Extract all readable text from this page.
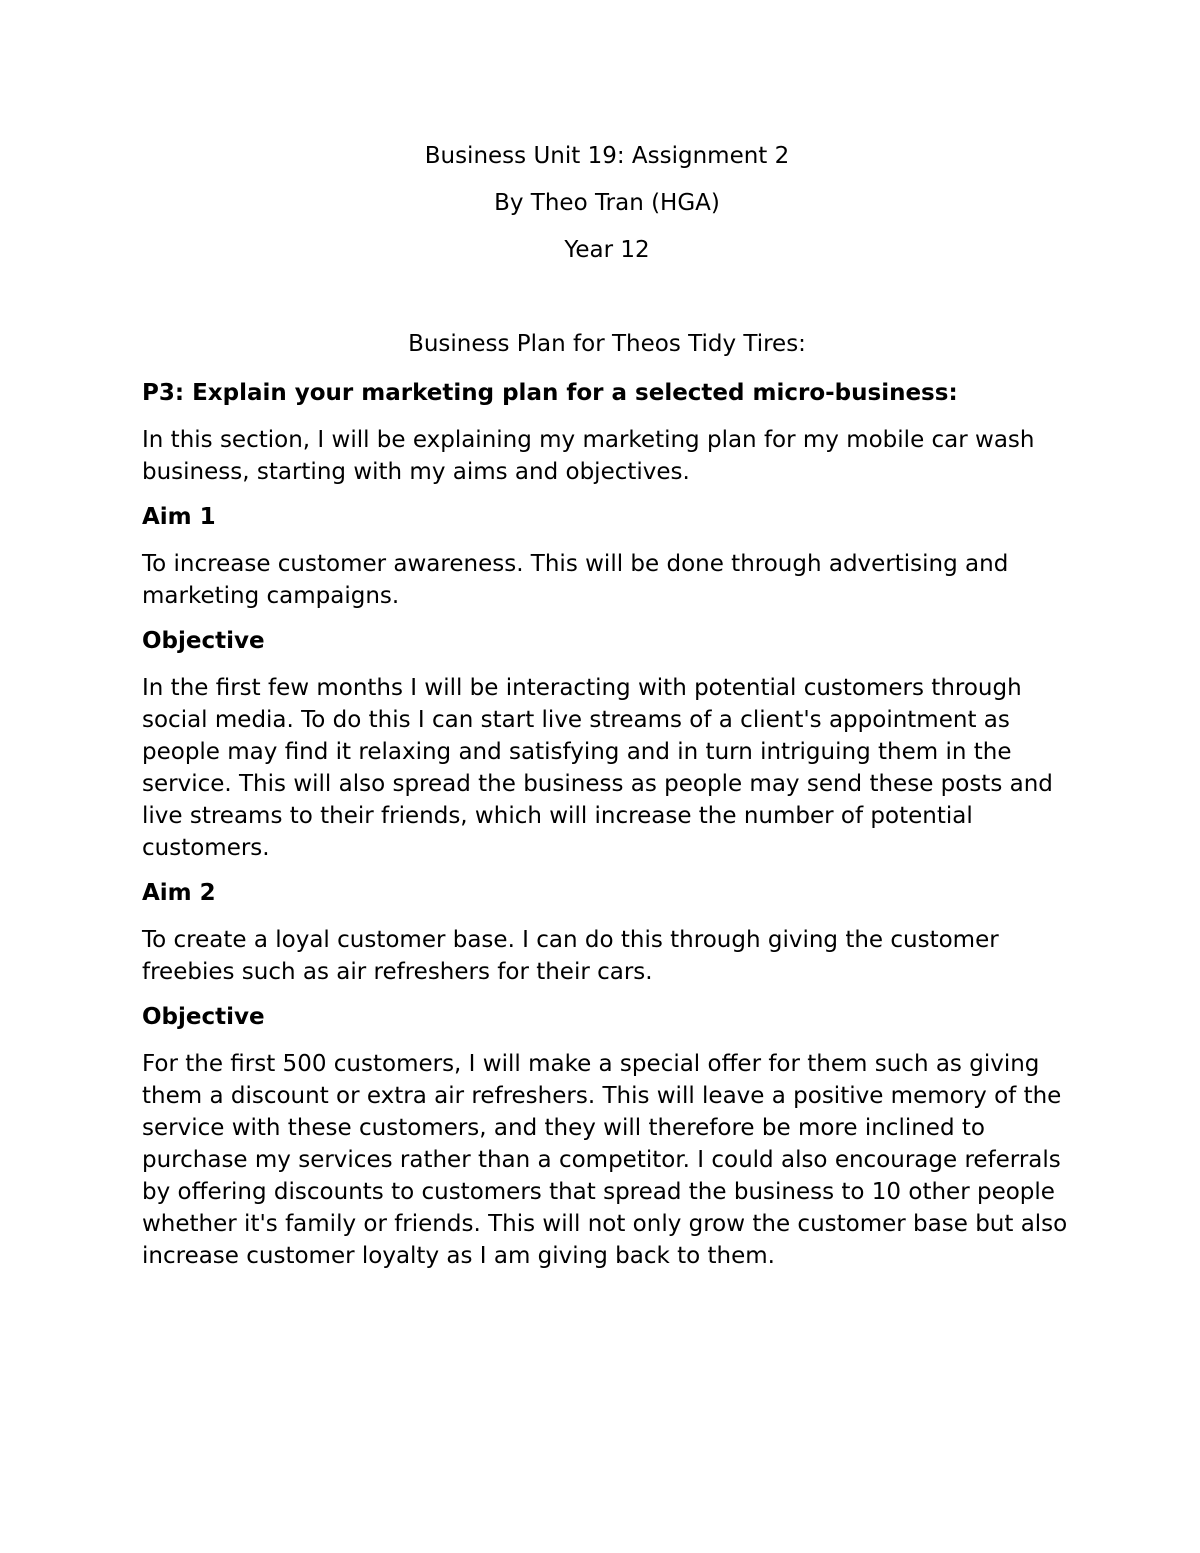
Business Unit 19: Assignment 2

By Theo Tran (HGA)

Year 12

Business Plan for Theos Tidy Tires:

P3: Explain your marketing plan for a selected micro-business:

In this section, I will be explaining my marketing plan for my mobile car wash business, starting with my aims and objectives.

Aim 1

To increase customer awareness. This will be done through advertising and marketing campaigns.

Objective

In the first few months I will be interacting with potential customers through social media. To do this I can start live streams of a client's appointment as people may find it relaxing and satisfying and in turn intriguing them in the service. This will also spread the business as people may send these posts and live streams to their friends, which will increase the number of potential customers.

Aim 2

To create a loyal customer base. I can do this through giving the customer freebies such as air refreshers for their cars.

Objective

For the first 500 customers, I will make a special offer for them such as giving them a discount or extra air refreshers. This will leave a positive memory of the service with these customers, and they will therefore be more inclined to purchase my services rather than a competitor. I could also encourage referrals by offering discounts to customers that spread the business to 10 other people whether it's family or friends. This will not only grow the customer base but also increase customer loyalty as I am giving back to them.
